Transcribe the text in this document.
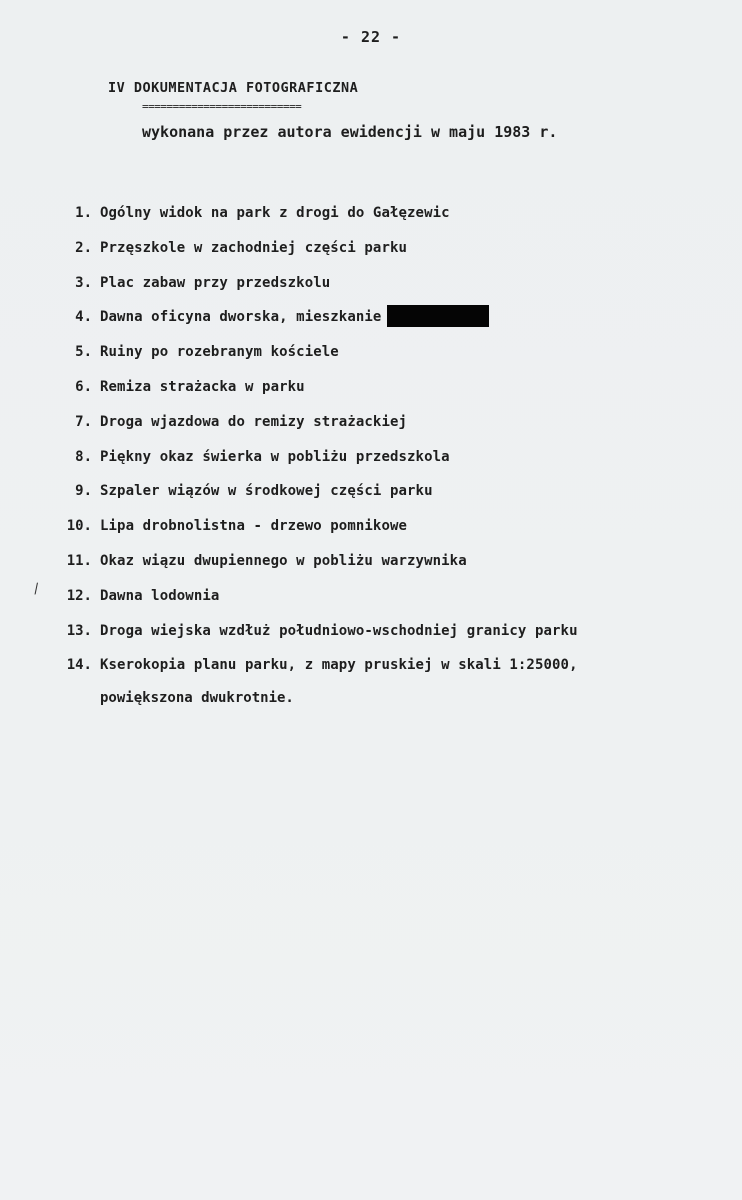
- 22 -
IV DOKUMENTACJA FOTOGRAFICZNA
==========================
wykonana przez autora ewidencji w maju 1983 r.
/
1. Ogólny widok na park z drogi do Gałęzewic
2. Przęszkole w zachodniej części parku
3. Plac zabaw przy przedszkolu
4. Dawna oficyna dworska, mieszkanie
5. Ruiny po rozebranym kościele
6. Remiza strażacka w parku
7. Droga wjazdowa do remizy strażackiej
8. Piękny okaz świerka w pobliżu przedszkola
9. Szpaler wiązów w środkowej części parku
10. Lipa drobnolistna - drzewo pomnikowe
11. Okaz wiązu dwupiennego w pobliżu warzywnika
12. Dawna lodownia
13. Droga wiejska wzdłuż południowo-wschodniej granicy parku
14. Kserokopia planu parku, z mapy pruskiej w skali 1:25000,
powiększona dwukrotnie.
